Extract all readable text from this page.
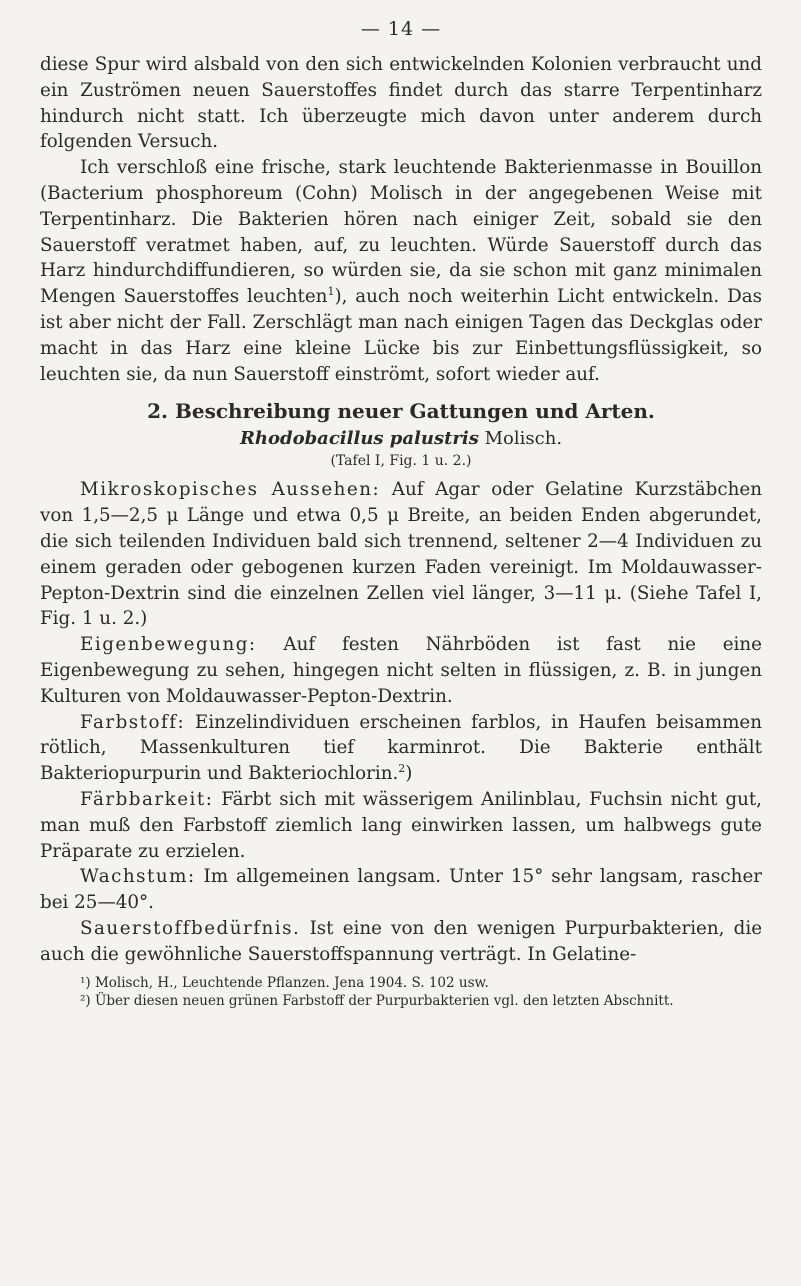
— 14 —

diese Spur wird alsbald von den sich entwickelnden Kolonien verbraucht und ein Zuströmen neuen Sauerstoffes findet durch das starre Terpentinharz hindurch nicht statt. Ich überzeugte mich davon unter anderem durch folgenden Versuch.

Ich verschloß eine frische, stark leuchtende Bakterienmasse in Bouillon (Bacterium phosphoreum (Cohn) Molisch in der angegebenen Weise mit Terpentinharz. Die Bakterien hören nach einiger Zeit, sobald sie den Sauerstoff veratmet haben, auf, zu leuchten. Würde Sauerstoff durch das Harz hindurchdiffundieren, so würden sie, da sie schon mit ganz minimalen Mengen Sauerstoffes leuchten$^1$), auch noch weiterhin Licht entwickeln. Das ist aber nicht der Fall. Zerschlägt man nach einigen Tagen das Deckglas oder macht in das Harz eine kleine Lücke bis zur Einbettungsflüssigkeit, so leuchten sie, da nun Sauerstoff einströmt, sofort wieder auf.

2. Beschreibung neuer Gattungen und Arten.
Rhodobacillus palustris Molisch.
(Tafel I, Fig. 1 u. 2.)

Mikroskopisches Aussehen: Auf Agar oder Gelatine Kurzstäbchen von 1,5—2,5 μ Länge und etwa 0,5 μ Breite, an beiden Enden abgerundet, die sich teilenden Individuen bald sich trennend, seltener 2—4 Individuen zu einem geraden oder gebogenen kurzen Faden vereinigt. Im Moldauwasser-Pepton-Dextrin sind die einzelnen Zellen viel länger, 3—11 μ. (Siehe Tafel I, Fig. 1 u. 2.)

Eigenbewegung: Auf festen Nährböden ist fast nie eine Eigenbewegung zu sehen, hingegen nicht selten in flüssigen, z. B. in jungen Kulturen von Moldauwasser-Pepton-Dextrin.

Farbstoff: Einzelindividuen erscheinen farblos, in Haufen beisammen rötlich, Massenkulturen tief karminrot. Die Bakterie enthält Bakteriopurpurin und Bakteriochlorin.$^2$)

Färbbarkeit: Färbt sich mit wässerigem Anilinblau, Fuchsin nicht gut, man muß den Farbstoff ziemlich lang einwirken lassen, um halbwegs gute Präparate zu erzielen.

Wachstum: Im allgemeinen langsam. Unter 15° sehr langsam, rascher bei 25—40°.

Sauerstoffbedürfnis. Ist eine von den wenigen Purpurbakterien, die auch die gewöhnliche Sauerstoffspannung verträgt. In Gelatine-

¹) Molisch, H., Leuchtende Pflanzen. Jena 1904. S. 102 usw.

²) Über diesen neuen grünen Farbstoff der Purpurbakterien vgl. den letzten Abschnitt.
